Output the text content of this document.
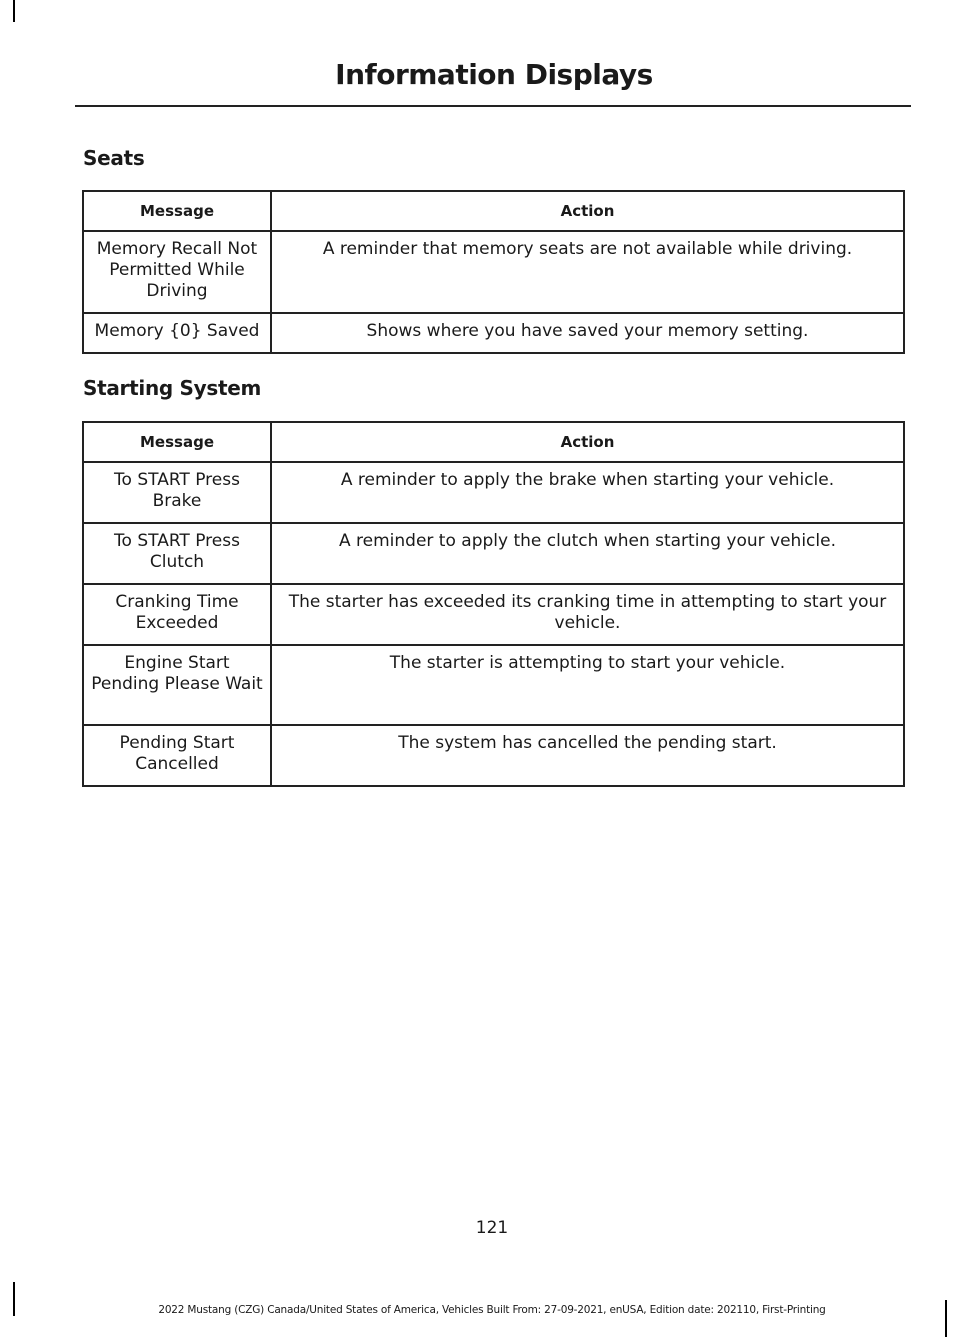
Information Displays
Seats
Message	Action
Memory Recall Not Permitted While Driving	A reminder that memory seats are not available while driving.
Memory {0} Saved	Shows where you have saved your memory setting.
Starting System
Message	Action
To START Press Brake	A reminder to apply the brake when starting your vehicle.
To START Press Clutch	A reminder to apply the clutch when starting your vehicle.
Cranking Time Exceeded	The starter has exceeded its cranking time in attempting to start your vehicle.
Engine Start Pending Please Wait	The starter is attempting to start your vehicle.
Pending Start Cancelled	The system has cancelled the pending start.
121
2022 Mustang (CZG) Canada/United States of America, Vehicles Built From: 27-09-2021, enUSA, Edition date: 202110, First-Printing
